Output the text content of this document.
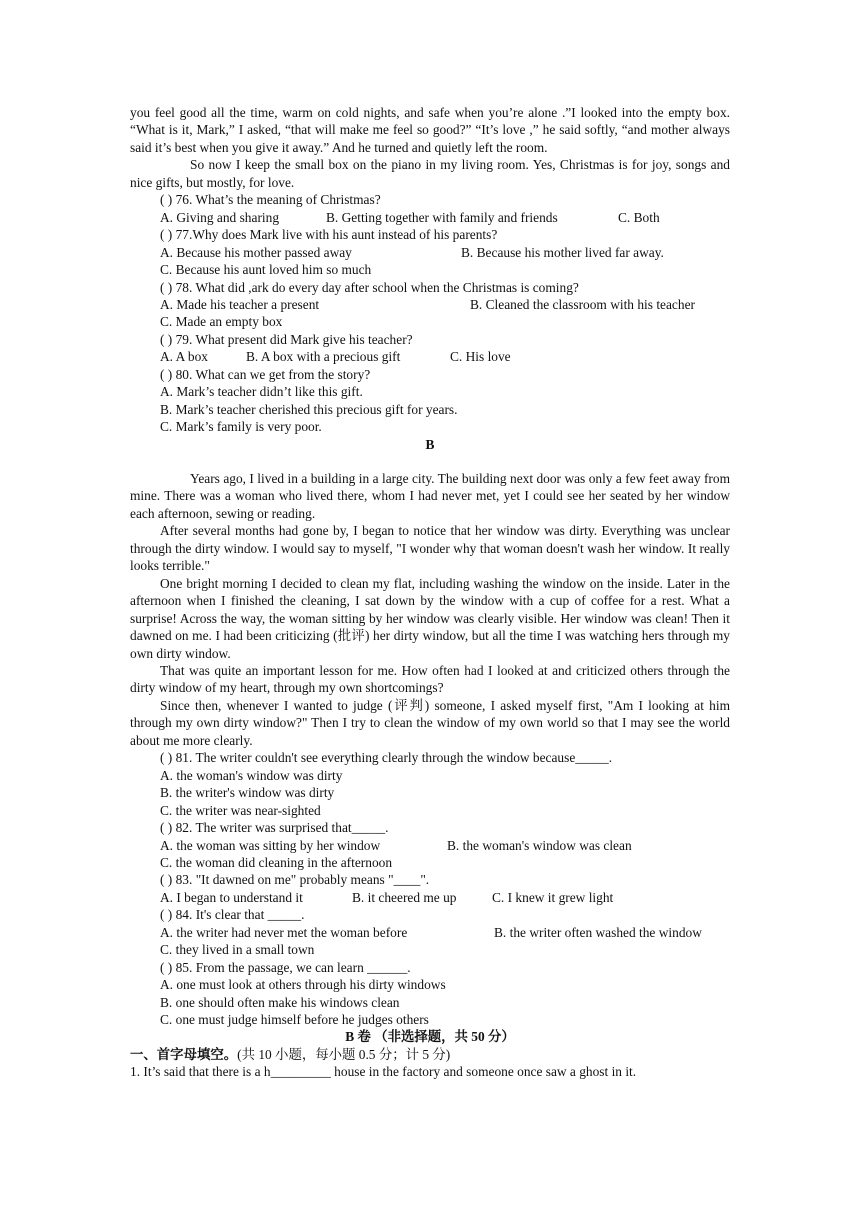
you feel good all the time, warm on cold nights, and safe when you’re alone .”I looked into the empty box. “What is it, Mark,” I asked, “that will make me feel so good?” “It’s love ,” he said softly, “and mother always said it’s best when you give it away.” And he turned and quietly left the room.

So now I keep the small box on the piano in my living room. Yes, Christmas is for joy, songs and nice gifts, but mostly, for love.

( ) 76. What’s the meaning of Christmas?

A. Giving and sharing	B. Getting together with family and friends	C. Both

( ) 77.Why does Mark live with his aunt instead of his parents?

A. Because his mother passed away	B. Because his mother lived far away.

C. Because his aunt loved him so much

( ) 78. What did ,ark do every day after school when the Christmas is coming?

A. Made his teacher a present	B. Cleaned the classroom with his teacher

C. Made an empty box

( ) 79. What present did Mark give his teacher?

A. A box	B. A box with a precious gift	C. His love

( ) 80. What can we get from the story?

A. Mark’s teacher didn’t like this gift.

B. Mark’s teacher cherished this precious gift for years.

C. Mark’s family is very poor.

B

Years ago, I lived in a building in a large city. The building next door was only a few feet away from mine. There was a woman who lived there, whom I had never met, yet I could see her seated by her window each afternoon, sewing or reading.

After several months had gone by, I began to notice that her window was dirty. Everything was unclear through the dirty window. I would say to myself, "I wonder why that woman doesn't wash her window. It really looks terrible."

One bright morning I decided to clean my flat, including washing the window on the inside. Later in the afternoon when I finished the cleaning, I sat down by the window with a cup of coffee for a rest. What a surprise! Across the way, the woman sitting by her window was clearly visible. Her window was clean! Then it dawned on me. I had been criticizing (批评) her dirty window, but all the time I was watching hers through my own dirty window.

That was quite an important lesson for me. How often had I looked at and criticized others through the dirty window of my heart, through my own shortcomings?

Since then, whenever I wanted to judge (评判) someone, I asked myself first, "Am I looking at him through my own dirty window?" Then I try to clean the window of my own world so that I may see the world about me more clearly.

( ) 81. The writer couldn't see everything clearly through the window because_____.

A. the woman's window was dirty

B. the writer's window was dirty

C. the writer was near-sighted

( ) 82. The writer was surprised that_____.

A. the woman was sitting by her window	B. the woman's window was clean

C. the woman did cleaning in the afternoon

( ) 83. "It dawned on me" probably means "____".

A. I began to understand it	B. it cheered me up	C. I knew it grew light

( ) 84. It's clear that _____.

A. the writer had never met the woman before	B. the writer often washed the window

C. they lived in a small town

( ) 85. From the passage, we can learn ______.

A. one must look at others through his dirty windows

B. one should often make his windows clean

C. one must judge himself before he judges others

B 卷 （非选择题，共 50 分）

一、首字母填空。(共 10 小题，每小题 0.5 分；计 5 分)

1. It’s said that there is a h_________ house in the factory and someone once saw a ghost in it.
